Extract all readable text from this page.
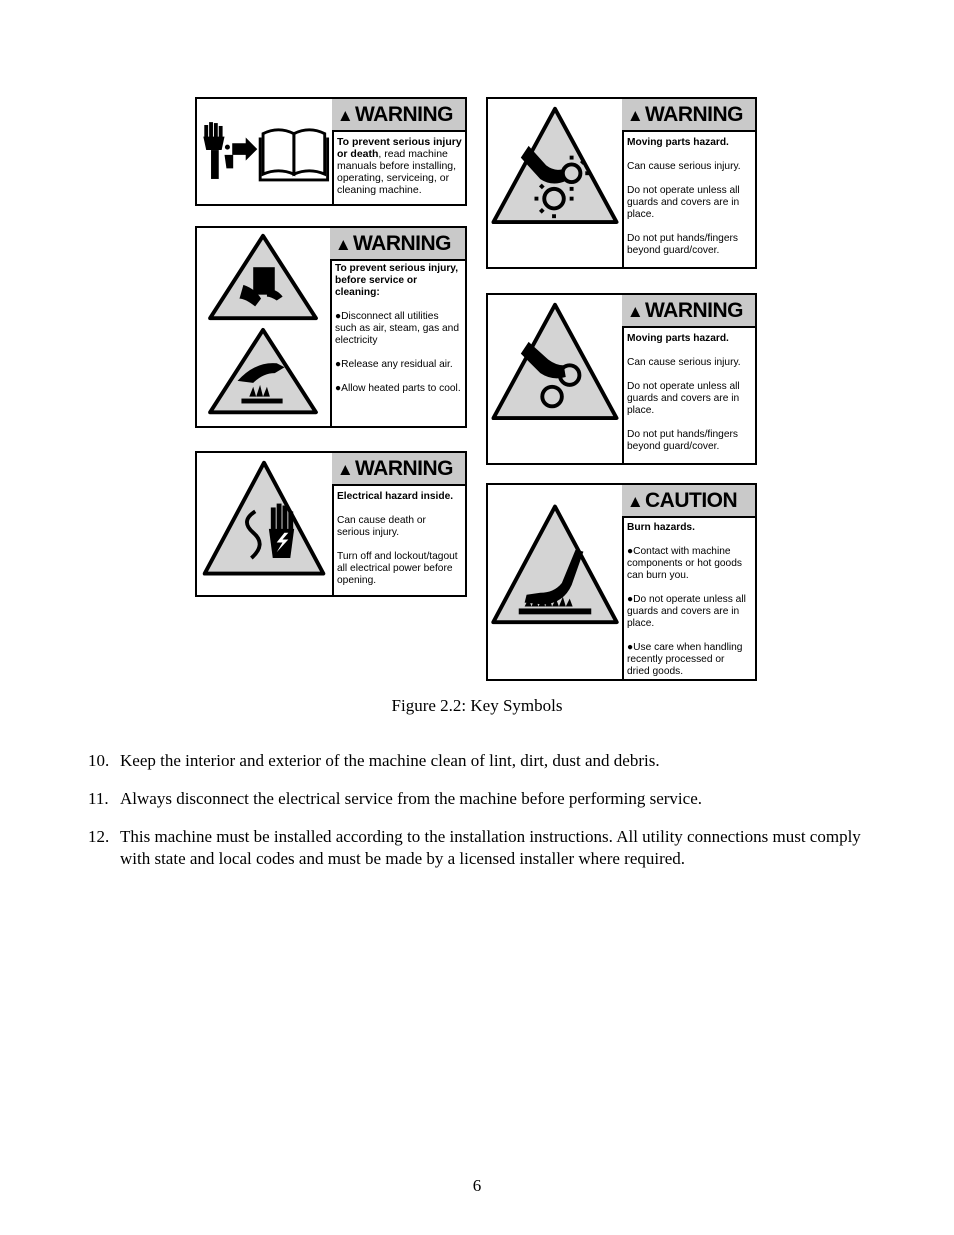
▲WARNING
To prevent serious injury
or death, read machine
manuals before installing,
operating, serviceing, or
cleaning machine.
▲WARNING

To prevent serious injury,
before service or
cleaning:

●Disconnect all utilities
such as air, steam, gas and
electricity

●Release any residual air.

●Allow heated parts to cool.

▲WARNING

Electrical hazard inside.

Can cause death or
serious injury.

Turn off and lockout/tagout
all electrical power before
opening.

▲WARNING

Moving parts hazard.

Can cause serious injury.

Do not operate unless all
guards and covers are in
place.

Do not put hands/fingers
beyond guard/cover.

▲WARNING

Moving parts hazard.

Can cause serious injury.

Do not operate unless all
guards and covers are in
place.

Do not put hands/fingers
beyond guard/cover.

▲CAUTION

Burn hazards.

●Contact with machine
components or hot goods
can burn you.

●Do not operate unless all
guards and covers are in
place.

●Use care when handling
recently processed or
dried goods.

Figure 2.2: Key Symbols
10. Keep the interior and exterior of the machine clean of lint, dirt, dust and debris.
11. Always disconnect the electrical service from the machine before performing service.
12. This machine must be installed according to the installation instructions. All utility connections must comply with state and local codes and must be made by a licensed installer where required.
6
